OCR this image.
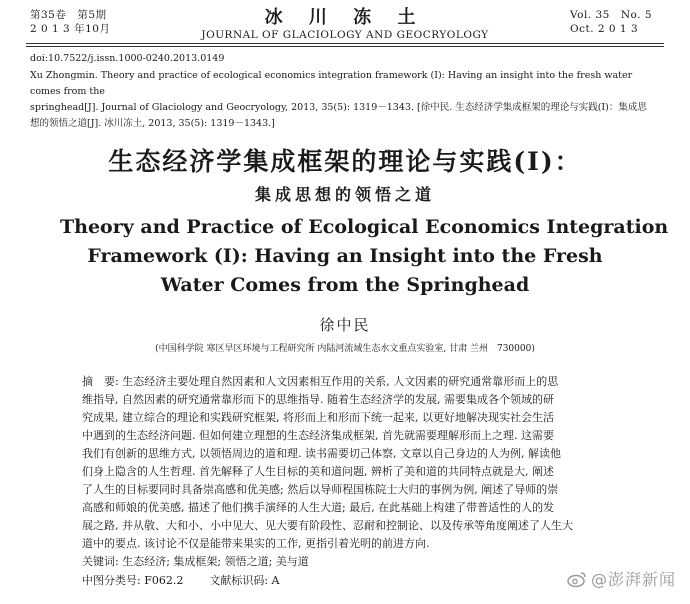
第35卷　第5期
2 0 1 3 年10月
冰 川 冻 土
JOURNAL OF GLACIOLOGY AND GEOCRYOLOGY
Vol. 35　No. 5
Oct. 2 0 1 3
doi:10.7522/j.issn.1000-0240.2013.0149
Xu Zhongmin. Theory and practice of ecological economics integration framework (Ⅰ): Having an insight into the fresh water comes from the
springhead[J]. Journal of Glaciology and Geocryology, 2013, 35(5): 1319－1343. [徐中民. 生态经济学集成框架的理论与实践(Ⅰ)：集成思
想的领悟之道[J]. 冰川冻土, 2013, 35(5): 1319－1343.]
生态经济学集成框架的理论与实践(Ⅰ)：
集成思想的领悟之道
Theory and Practice of Ecological Economics Integration
Framework (Ⅰ): Having an Insight into the Fresh
Water Comes from the Springhead
徐中民
(中国科学院 寒区旱区环境与工程研究所 内陆河流域生态水文重点实验室, 甘肃 兰州　730000)
摘　要: 生态经济主要处理自然因素和人文因素相互作用的关系, 人文因素的研究通常靠形而上的思
维指导, 自然因素的研究通常靠形而下的思维指导. 随着生态经济学的发展, 需要集成各个领域的研
究成果, 建立综合的理论和实践研究框架, 将形而上和形而下统一起来, 以更好地解决现实社会生活
中遇到的生态经济问题. 但如何建立理想的生态经济集成框架, 首先就需要理解形而上之理. 这需要
我们有创新的思维方式, 以领悟周边的道和理. 读书需要切己体察, 文章以自己身边的人为例, 解读他
们身上隐含的人生哲理. 首先解释了人生目标的美和道问题, 辨析了美和道的共同特点就是大, 阐述
了人生的目标要同时具备崇高感和优美感; 然后以导师程国栋院士大归的事例为例, 阐述了导师的崇
高感和师娘的优美感, 描述了他们携手演绎的人生大道; 最后, 在此基础上构建了带普适性的人的发
展之路, 并从敬、大和小、小中见大、见大要有阶段性、忍耐和控制论、以及传承等角度阐述了人生大
道中的要点. 该讨论不仅是能带来果实的工作, 更指引着光明的前进方向.
关键词: 生态经济; 集成框架; 领悟之道; 美与道
中图分类号: F062.2 文献标识码: A	@澎湃新闻
